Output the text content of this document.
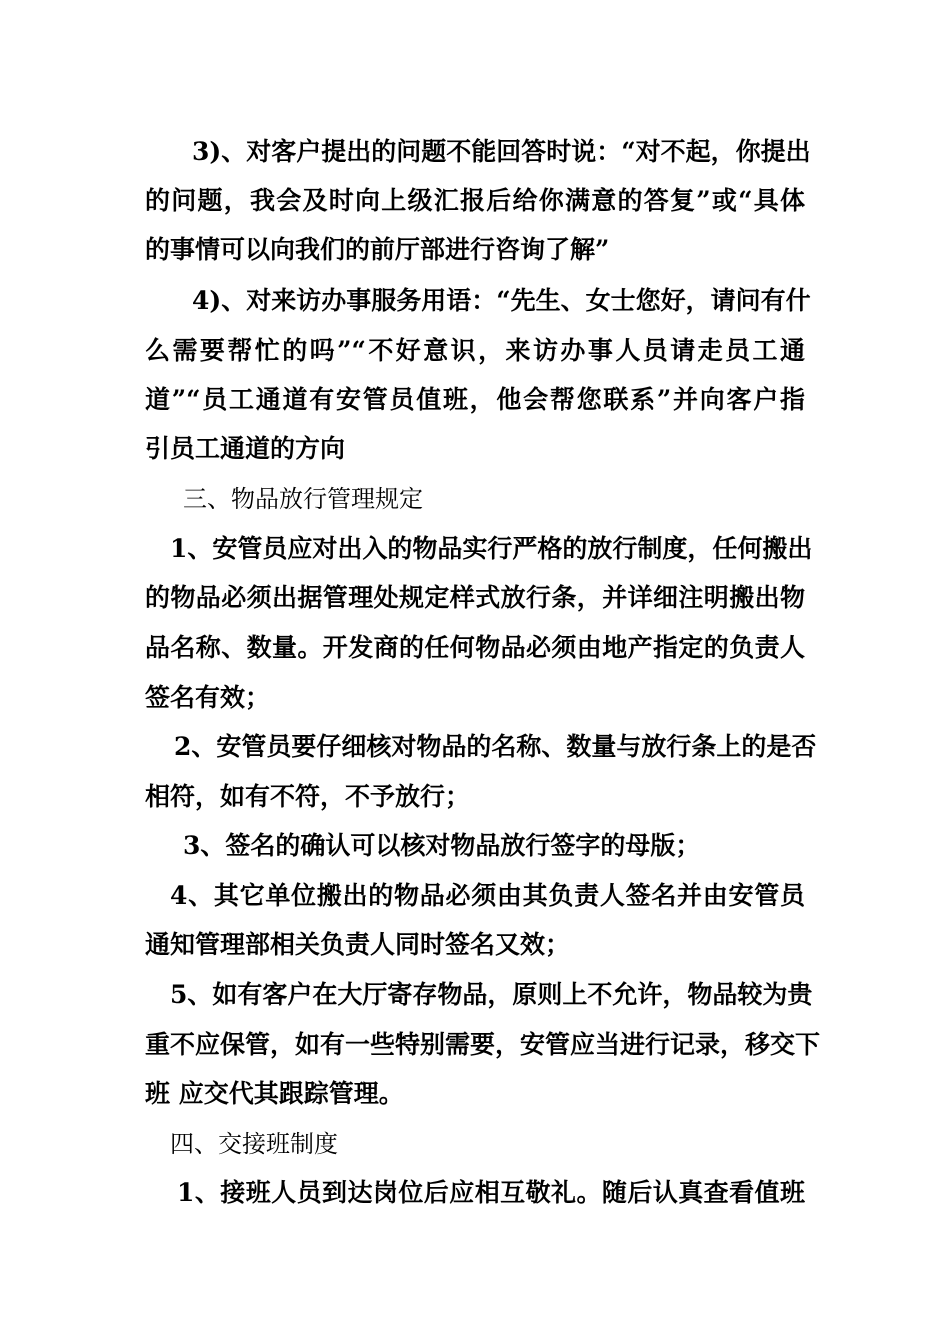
3)、对客户提出的问题不能回答时说：“对不起，你提出
的问题，我会及时向上级汇报后给你满意的答复”或“具体
的事情可以向我们的前厅部进行咨询了解”
4)、对来访办事服务用语：“先生、女士您好，请问有什
么需要帮忙的吗”“不好意识，来访办事人员请走员工通
道”“员工通道有安管员值班，他会帮您联系”并向客户指
引员工通道的方向
三、物品放行管理规定
1、安管员应对出入的物品实行严格的放行制度，任何搬出
的物品必须出据管理处规定样式放行条，并详细注明搬出物
品名称、数量。开发商的任何物品必须由地产指定的负责人
签名有效；
2、安管员要仔细核对物品的名称、数量与放行条上的是否
相符，如有不符，不予放行；
3、签名的确认可以核对物品放行签字的母版；
4、其它单位搬出的物品必须由其负责人签名并由安管员
通知管理部相关负责人同时签名又效；
5、如有客户在大厅寄存物品，原则上不允许，物品较为贵
重不应保管，如有一些特别需要，安管应当进行记录，移交下
班 应交代其跟踪管理。
四、交接班制度
1、接班人员到达岗位后应相互敬礼。随后认真查看值班
